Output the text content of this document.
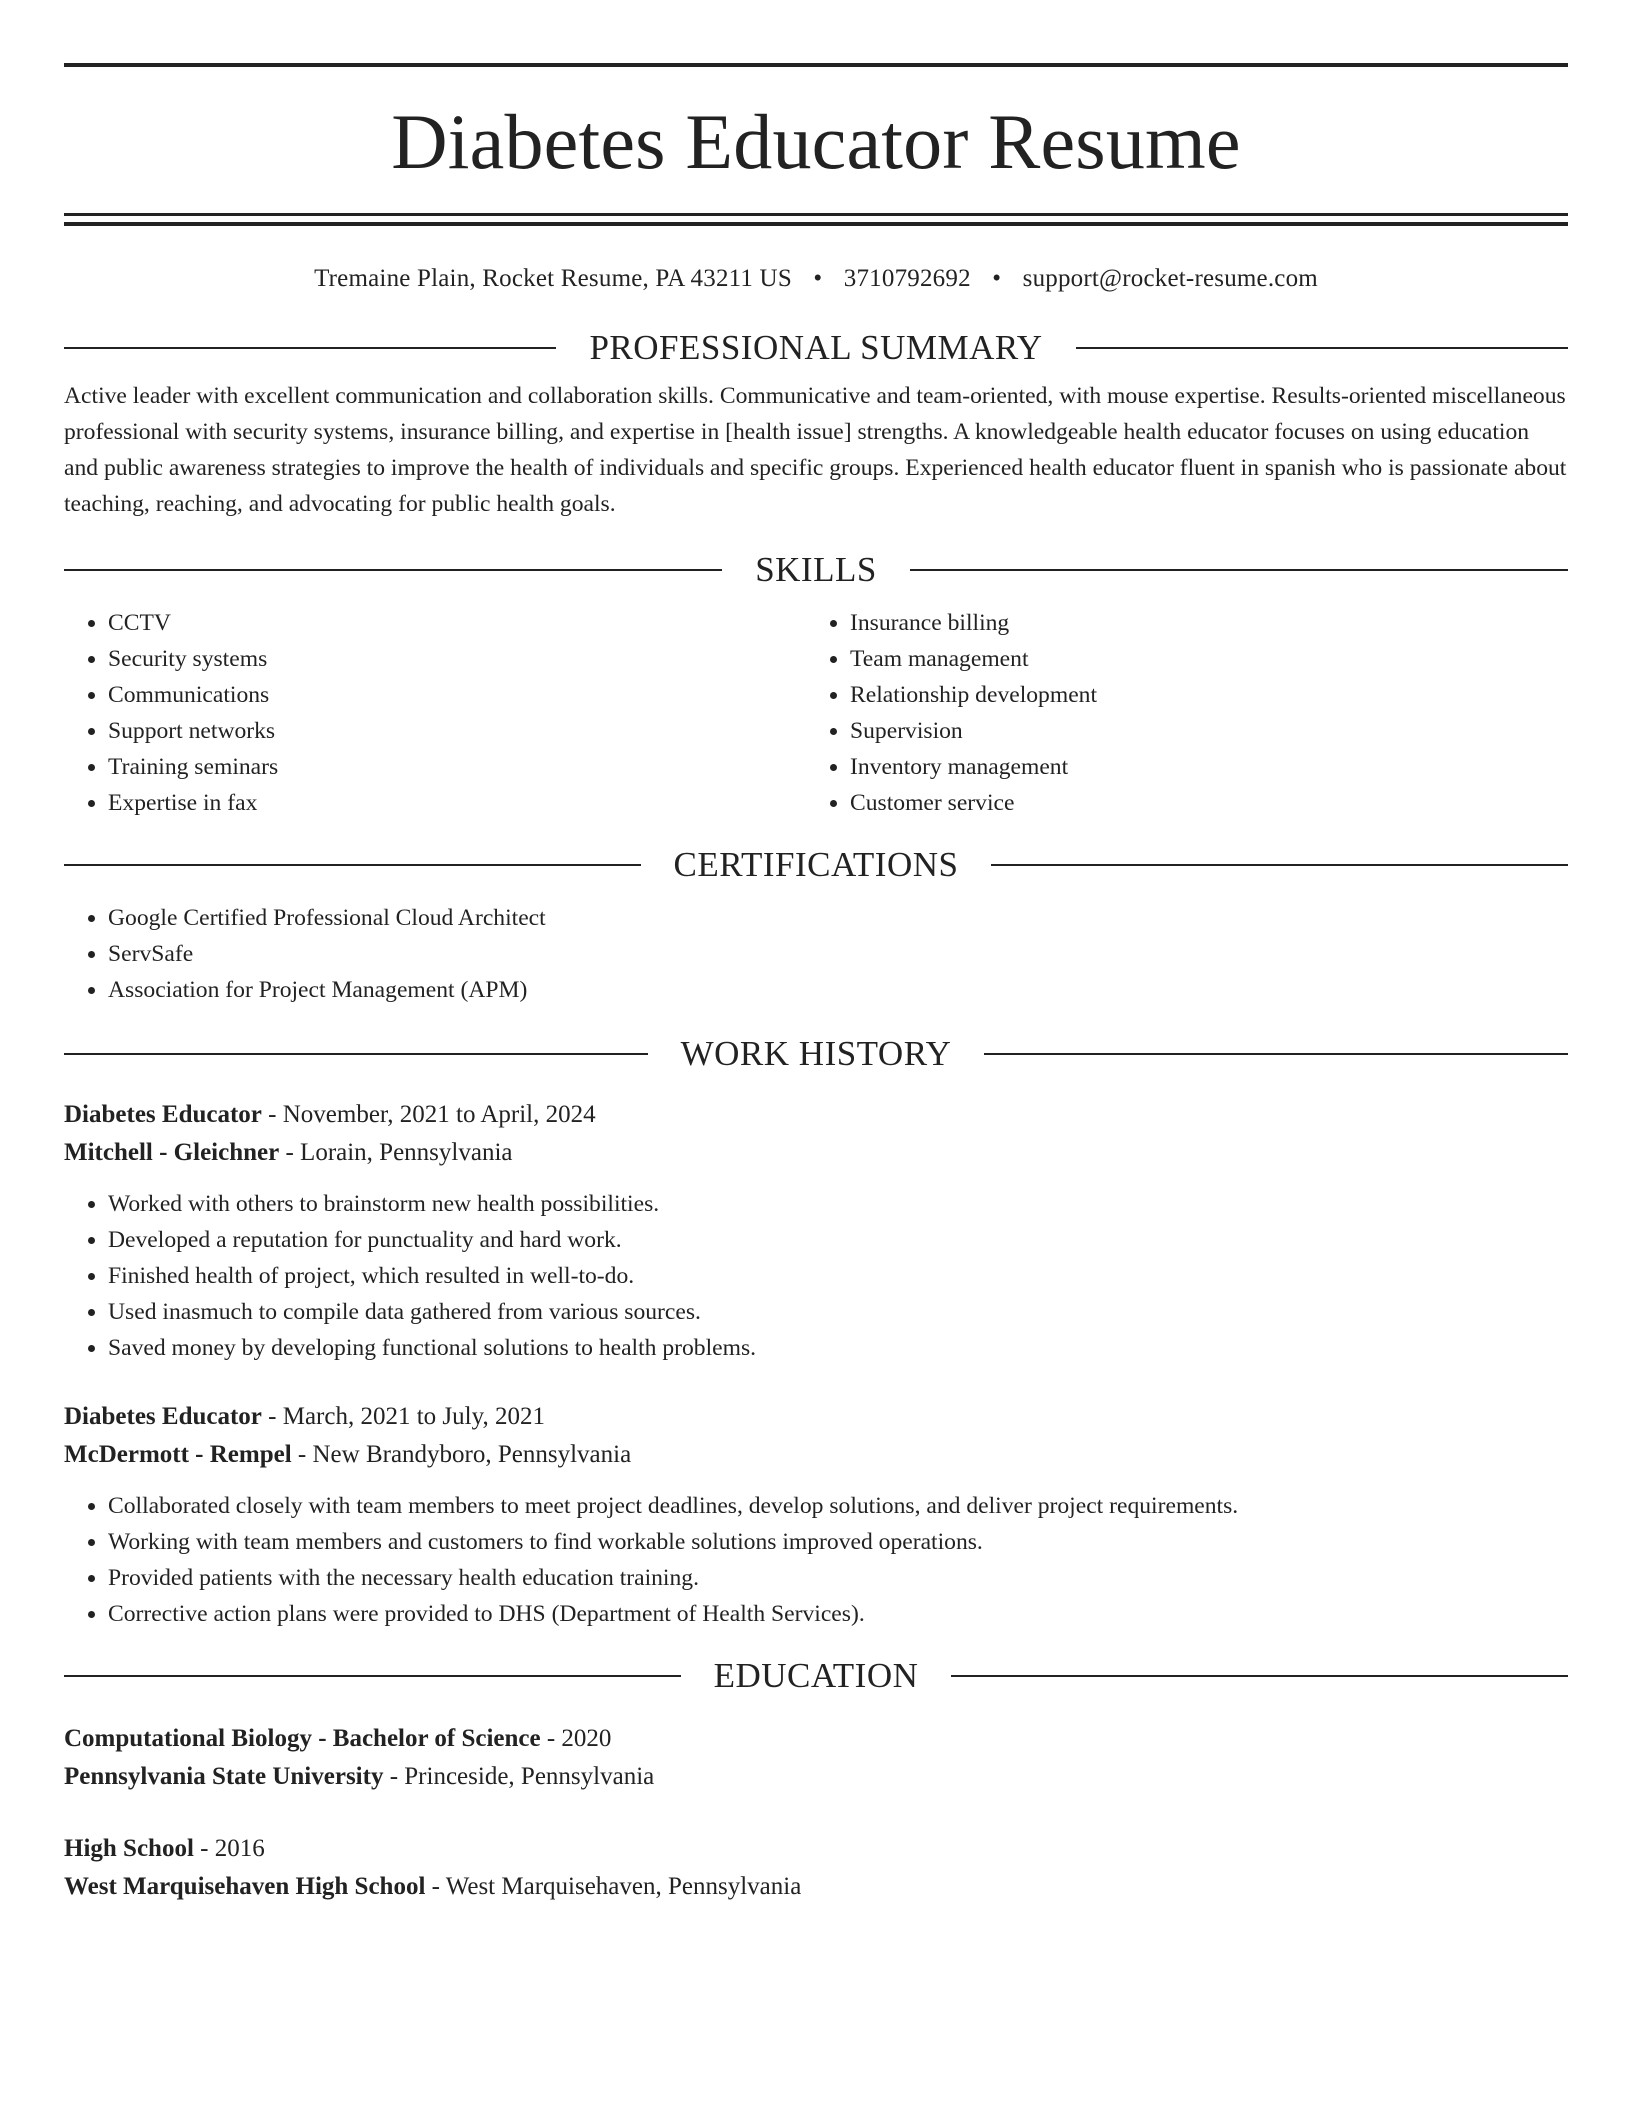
Diabetes Educator Resume
Tremaine Plain, Rocket Resume, PA 43211 US • 3710792692 • support@rocket-resume.com
PROFESSIONAL SUMMARY
Active leader with excellent communication and collaboration skills. Communicative and team-oriented, with mouse expertise. Results-oriented miscellaneous professional with security systems, insurance billing, and expertise in [health issue] strengths. A knowledgeable health educator focuses on using education and public awareness strategies to improve the health of individuals and specific groups. Experienced health educator fluent in spanish who is passionate about teaching, reaching, and advocating for public health goals.
SKILLS
• CCTV
• Security systems
• Communications
• Support networks
• Training seminars
• Expertise in fax
• Insurance billing
• Team management
• Relationship development
• Supervision
• Inventory management
• Customer service
CERTIFICATIONS
• Google Certified Professional Cloud Architect
• ServSafe
• Association for Project Management (APM)
WORK HISTORY
Diabetes Educator - November, 2021 to April, 2024
Mitchell - Gleichner - Lorain, Pennsylvania
• Worked with others to brainstorm new health possibilities.
• Developed a reputation for punctuality and hard work.
• Finished health of project, which resulted in well-to-do.
• Used inasmuch to compile data gathered from various sources.
• Saved money by developing functional solutions to health problems.
Diabetes Educator - March, 2021 to July, 2021
McDermott - Rempel - New Brandyboro, Pennsylvania
• Collaborated closely with team members to meet project deadlines, develop solutions, and deliver project requirements.
• Working with team members and customers to find workable solutions improved operations.
• Provided patients with the necessary health education training.
• Corrective action plans were provided to DHS (Department of Health Services).
EDUCATION
Computational Biology - Bachelor of Science - 2020
Pennsylvania State University - Princeside, Pennsylvania
High School - 2016
West Marquisehaven High School - West Marquisehaven, Pennsylvania
